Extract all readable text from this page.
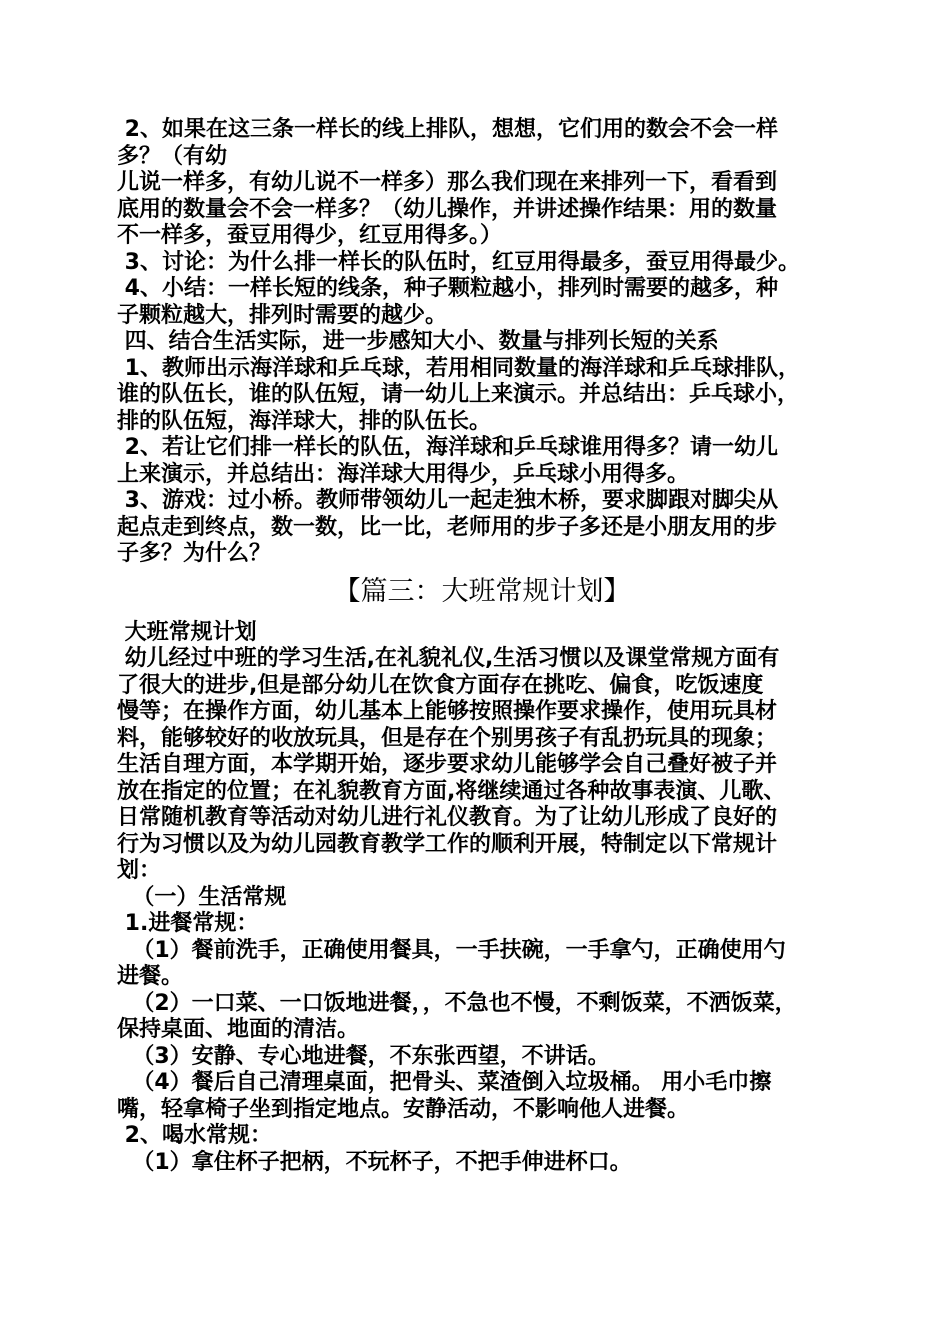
2、如果在这三条一样长的线上排队，想想，它们用的数会不会一样
多？（有幼
儿说一样多，有幼儿说不一样多）那么我们现在来排列一下，看看到
底用的数量会不会一样多？（幼儿操作，并讲述操作结果：用的数量
不一样多，蚕豆用得少，红豆用得多。）
3、讨论：为什么排一样长的队伍时，红豆用得最多，蚕豆用得最少。
4、小结：一样长短的线条，种子颗粒越小，排列时需要的越多，种
子颗粒越大，排列时需要的越少。
四、结合生活实际，进一步感知大小、数量与排列长短的关系
1、教师出示海洋球和乒乓球，若用相同数量的海洋球和乒乓球排队，
谁的队伍长，谁的队伍短，请一幼儿上来演示。并总结出：乒乓球小，
排的队伍短，海洋球大，排的队伍长。
2、若让它们排一样长的队伍，海洋球和乒乓球谁用得多？请一幼儿
上来演示，并总结出：海洋球大用得少，乒乓球小用得多。
3、游戏：过小桥。教师带领幼儿一起走独木桥，要求脚跟对脚尖从
起点走到终点，数一数，比一比，老师用的步子多还是小朋友用的步
子多？为什么？
【篇三：大班常规计划】
大班常规计划
幼儿经过中班的学习生活,在礼貌礼仪,生活习惯以及课堂常规方面有
了很大的进步,但是部分幼儿在饮食方面存在挑吃、偏食，吃饭速度
慢等；在操作方面，幼儿基本上能够按照操作要求操作，使用玩具材
料，能够较好的收放玩具，但是存在个别男孩子有乱扔玩具的现象；
生活自理方面，本学期开始，逐步要求幼儿能够学会自己叠好被子并
放在指定的位置；在礼貌教育方面,将继续通过各种故事表演、儿歌、
日常随机教育等活动对幼儿进行礼仪教育。为了让幼儿形成了良好的
行为习惯以及为幼儿园教育教学工作的顺利开展，特制定以下常规计
划：
（一）生活常规
1.进餐常规：
（1）餐前洗手，正确使用餐具，一手扶碗，一手拿勺，正确使用勺
进餐。
（2）一口菜、一口饭地进餐，，不急也不慢，不剩饭菜，不洒饭菜，
保持桌面、地面的清洁。
（3）安静、专心地进餐，不东张西望，不讲话。
（4）餐后自己清理桌面，把骨头、菜渣倒入垃圾桶。 用小毛巾擦
嘴，轻拿椅子坐到指定地点。安静活动，不影响他人进餐。
2、喝水常规：
（1）拿住杯子把柄，不玩杯子，不把手伸进杯口。
